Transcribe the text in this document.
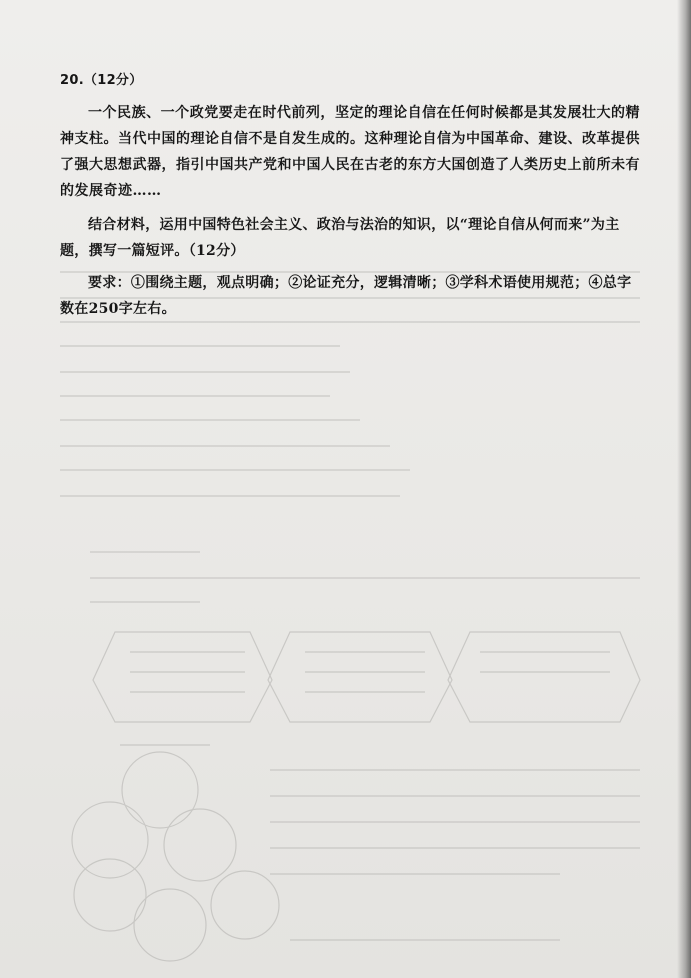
20.（12分）

一个民族、一个政党要走在时代前列，坚定的理论自信在任何时候都是其发展壮大的精神支柱。当代中国的理论自信不是自发生成的。这种理论自信为中国革命、建设、改革提供了强大思想武器，指引中国共产党和中国人民在古老的东方大国创造了人类历史上前所未有的发展奇迹……

结合材料，运用中国特色社会主义、政治与法治的知识，以“理论自信从何而来”为主题，撰写一篇短评。（12分）

要求：①围绕主题，观点明确；②论证充分，逻辑清晰；③学科术语使用规范；④总字数在250字左右。
